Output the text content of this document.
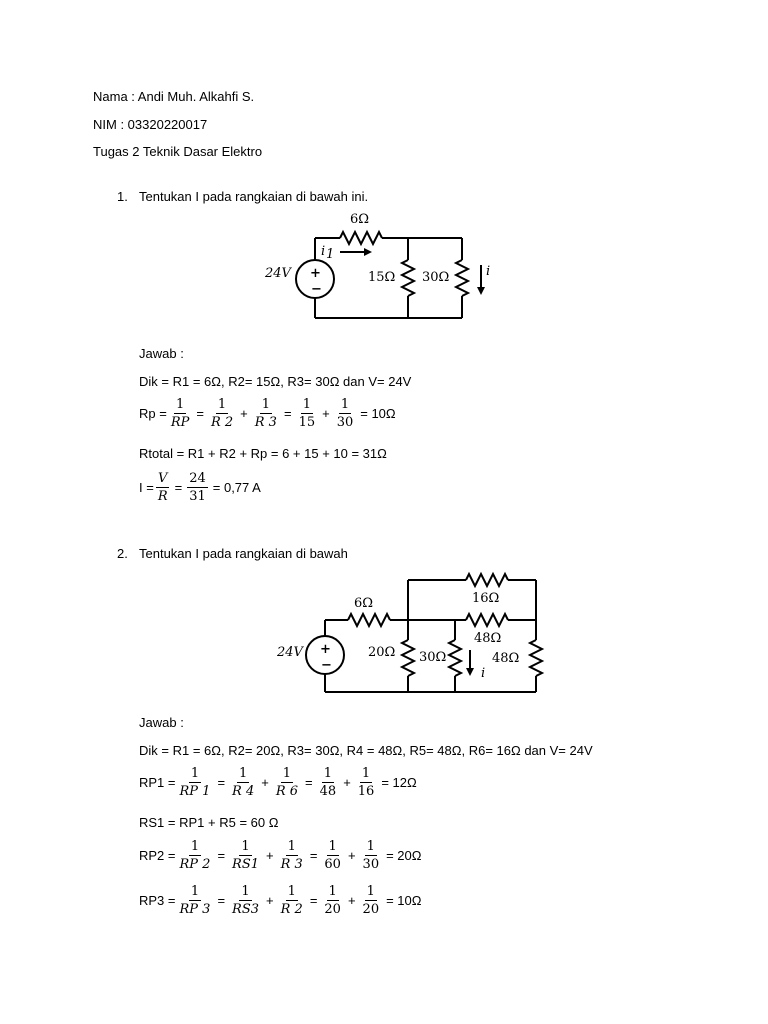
Nama : Andi Muh. Alkahfi S.
NIM : 03320220017
Tugas 2 Teknik Dasar Elektro
1. Tentukan I pada rangkaian di bawah ini.
+
−
24V
6Ω
15Ω 30Ω
i 1
i
Jawab :
Dik = R1 = 6Ω, R2= 15Ω, R3= 30Ω dan V= 24V
$Rp = \frac{1}{RP} = \frac{1}{R 2} + \frac{1}{R 3} = \frac{1}{15} + \frac{1}{30} = 10\Omega$
Rtotal = R1 + R2 + Rp = 6 + 15 + 10 = 31Ω
$I = \frac{V}{R} = \frac{24}{31} = 0,77$ A
2. Tentukan I pada rangkaian di bawah
+
−
24V
6Ω
20Ω 30Ω
48Ω
48Ω
16Ω
i
Jawab :
Dik = R1 = 6Ω, R2= 20Ω, R3= 30Ω, R4 = 48Ω, R5= 48Ω, R6= 16Ω dan V= 24V
$RP1 = \frac{1}{RP 1} = \frac{1}{R 4} + \frac{1}{R 6} = \frac{1}{48} + \frac{1}{16} = 12\Omega$
RS1 = RP1 + R5 = 60 Ω
$RP2 = \frac{1}{RP 2} = \frac{1}{RS1} + \frac{1}{R 3} = \frac{1}{60} + \frac{1}{30} = 20\Omega$
$RP3 = \frac{1}{RP 3} = \frac{1}{RS3} + \frac{1}{R 2} = \frac{1}{20} + \frac{1}{20} = 10\Omega$
